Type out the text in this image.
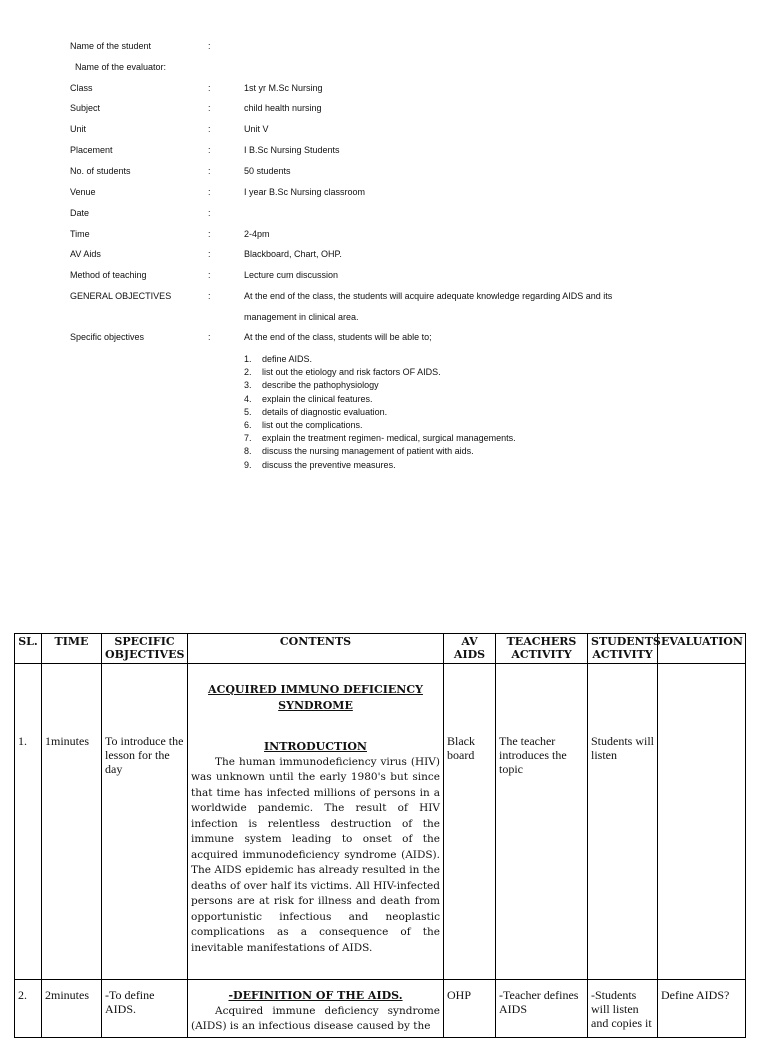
Name of the student	:
Name of the evaluator:
Class	:	1st yr M.Sc Nursing
Subject	:	child health nursing
Unit	:	Unit V
Placement	:	I B.Sc Nursing Students
No. of students	:	50 students
Venue	:	I year B.Sc Nursing classroom
Date	:
Time	:	2-4pm
AV Aids	:	Blackboard, Chart, OHP.
Method of teaching	:	Lecture cum discussion
GENERAL OBJECTIVES	:	At the end of the class, the students will acquire adequate knowledge regarding AIDS and its
management in clinical area.
Specific objectives	:	At the end of the class, students will be able to;
1. define AIDS.
2. list out the etiology and risk factors OF AIDS.
3. describe the pathophysiology
4. explain the clinical features.
5. details of diagnostic evaluation.
6. list out the complications.
7. explain the treatment regimen- medical, surgical managements.
8. discuss the nursing management of patient with aids.
9. discuss the preventive measures.
SL.	TIME	SPECIFIC OBJECTIVES	CONTENTS	AV AIDS	TEACHERS ACTIVITY	STUDENTS ACTIVITY	EVALUATION
1.	1minutes	To introduce the lesson for the day	ACQUIRED IMMUNO DEFICIENCY SYNDROME
INTRODUCTION

The human immunodeficiency virus (HIV) was unknown until the early 1980's but since that time has infected millions of persons in a worldwide pandemic. The result of HIV infection is relentless destruction of the immune system leading to onset of the acquired immunodeficiency syndrome (AIDS). The AIDS epidemic has already resulted in the deaths of over half its victims. All HIV-infected persons are at risk for illness and death from opportunistic infectious and neoplastic complications as a consequence of the inevitable manifestations of AIDS.	Black board	The teacher introduces the topic	Students will listen	
2.	2minutes	-To define AIDS.	-DEFINITION OF THE AIDS.

Acquired immune deficiency syndrome (AIDS) is an infectious disease caused by the	OHP	-Teacher defines AIDS	-Students will listen and copies it	Define AIDS?
